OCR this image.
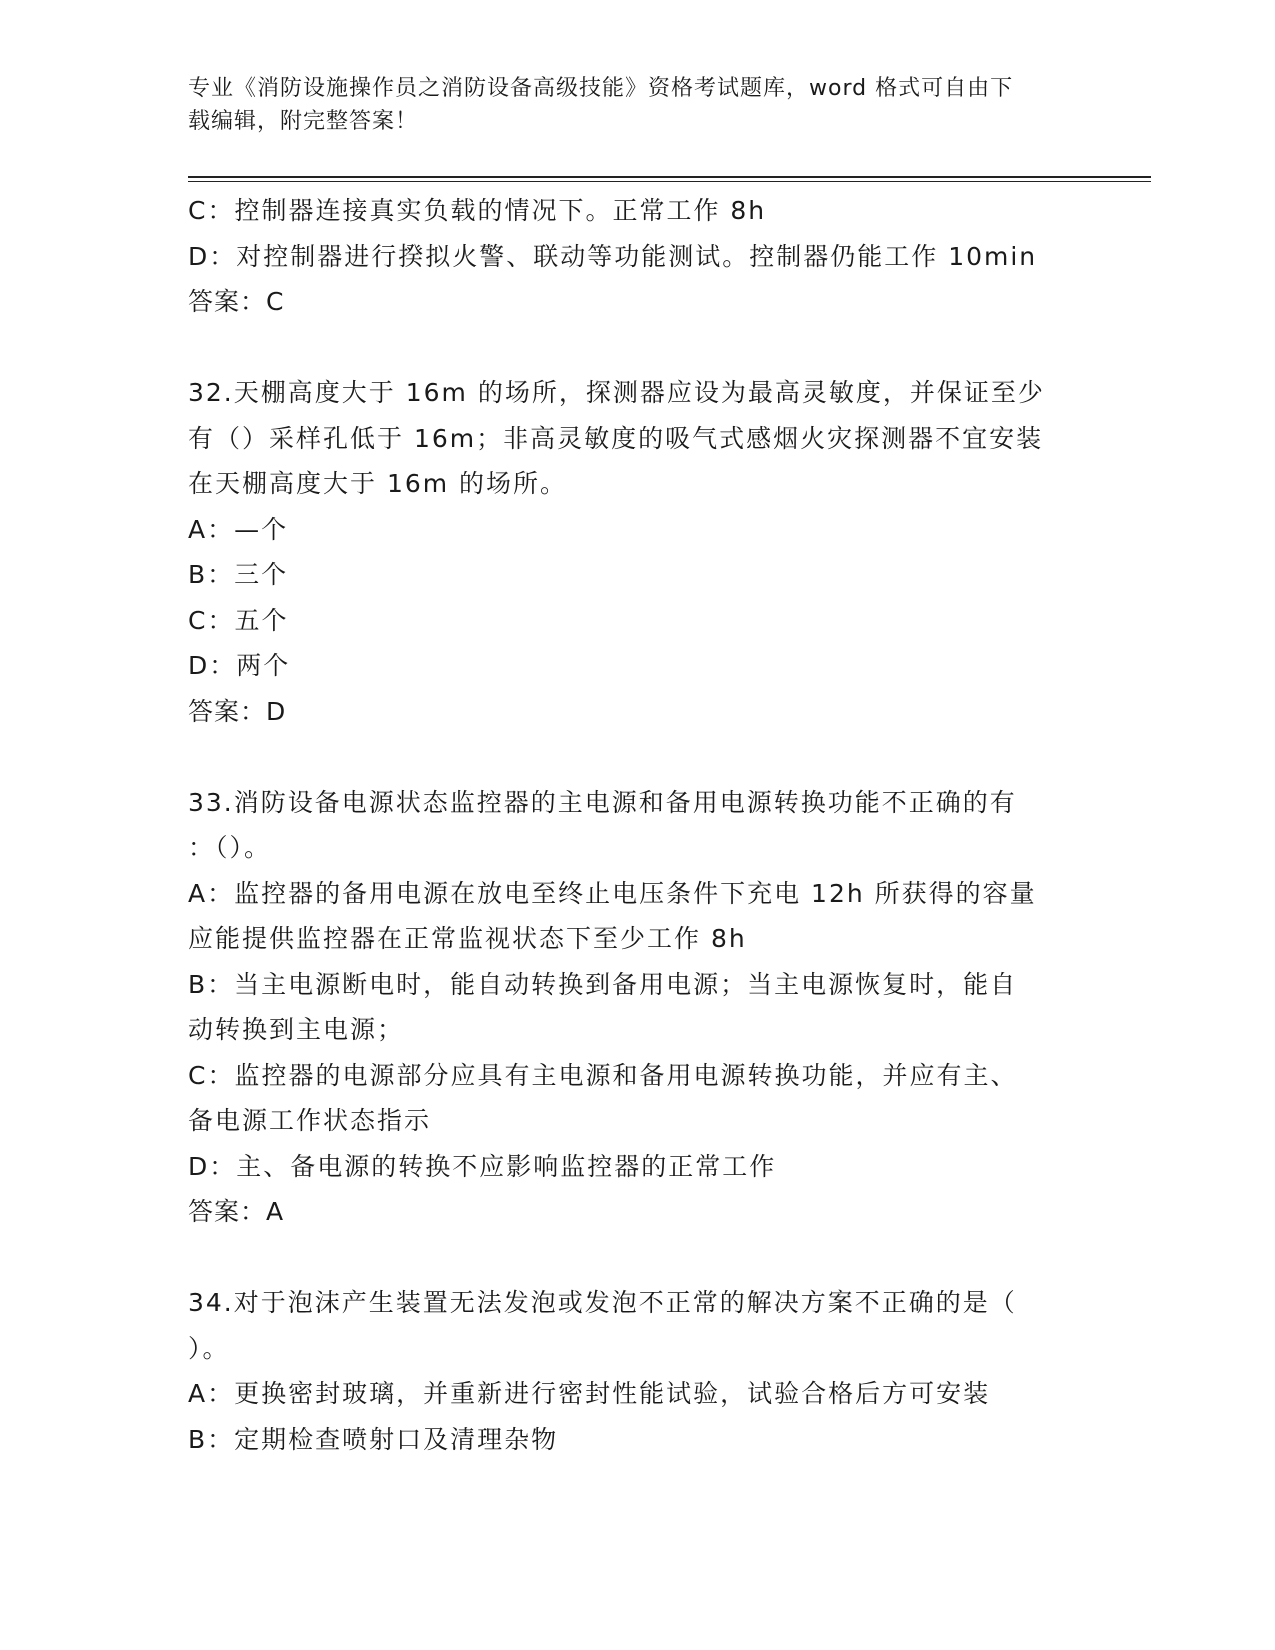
专业《消防设施操作员之消防设备高级技能》资格考试题库，word 格式可自由下
载编辑，附完整答案！
C：控制器连接真实负载的情况下。正常工作 8h
D：对控制器进行揆拟火警、联动等功能测试。控制器仍能工作 10min
答案：C
32.天棚高度大于 16m 的场所，探测器应设为最高灵敏度，并保证至少
有（）采样孔低于 16m；非高灵敏度的吸气式感烟火灾探测器不宜安装
在天棚高度大于 16m 的场所。
A：—个
B：三个
C：五个
D：两个
答案：D
33.消防设备电源状态监控器的主电源和备用电源转换功能不正确的有
：（）。
A：监控器的备用电源在放电至终止电压条件下充电 12h 所获得的容量
应能提供监控器在正常监视状态下至少工作 8h
B：当主电源断电时，能自动转换到备用电源；当主电源恢复时，能自
动转换到主电源；
C：监控器的电源部分应具有主电源和备用电源转换功能，并应有主、
备电源工作状态指示
D：主、备电源的转换不应影响监控器的正常工作
答案：A
34.对于泡沫产生装置无法发泡或发泡不正常的解决方案不正确的是（
）。
A：更换密封玻璃，并重新进行密封性能试验，试验合格后方可安装
B：定期检查喷射口及清理杂物
